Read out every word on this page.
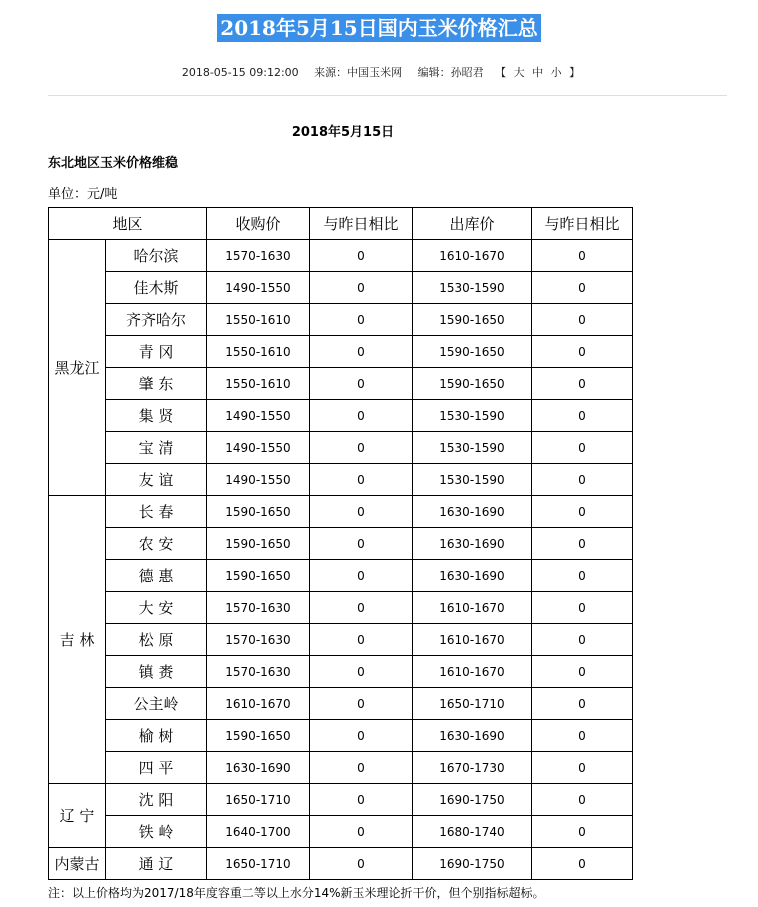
2018年5月15日国内玉米价格汇总
2018-05-15 09:12:00 来源：中国玉米网 编辑：孙昭君 【 大 中 小 】
2018年5月15日
东北地区玉米价格维稳
单位：元/吨
地区		收购价	与昨日相比	出库价	与昨日相比
黑龙江	哈尔滨	1570-1630	0	1610-1670	0
	佳木斯	1490-1550	0	1530-1590	0
	齐齐哈尔	1550-1610	0	1590-1650	0
	青 冈	1550-1610	0	1590-1650	0
	肇 东	1550-1610	0	1590-1650	0
	集 贤	1490-1550	0	1530-1590	0
	宝 清	1490-1550	0	1530-1590	0
	友 谊	1490-1550	0	1530-1590	0
吉 林	长 春	1590-1650	0	1630-1690	0
	农 安	1590-1650	0	1630-1690	0
	德 惠	1590-1650	0	1630-1690	0
	大 安	1570-1630	0	1610-1670	0
	松 原	1570-1630	0	1610-1670	0
	镇 赉	1570-1630	0	1610-1670	0
	公主岭	1610-1670	0	1650-1710	0
	榆 树	1590-1650	0	1630-1690	0
	四 平	1630-1690	0	1670-1730	0
辽 宁	沈 阳	1650-1710	0	1690-1750	0
	铁 岭	1640-1700	0	1680-1740	0
内蒙古	通 辽	1650-1710	0	1690-1750	0
注：以上价格均为2017/18年度容重二等以上水分14%新玉米理论折干价，但个别指标超标。
